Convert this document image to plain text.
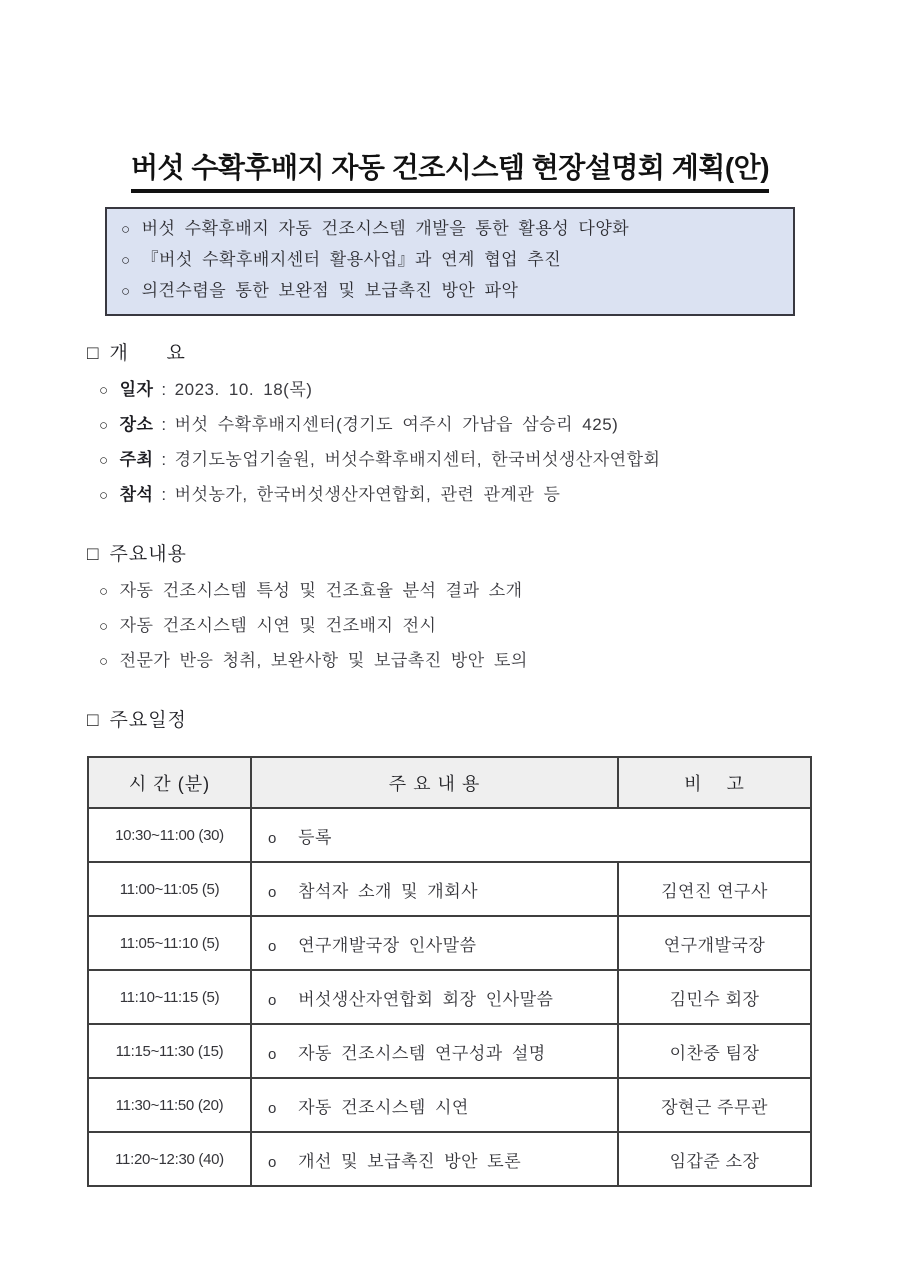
버섯 수확후배지 자동 건조시스템 현장설명회 계획(안)
○ 버섯 수확후배지 자동 건조시스템 개발을 통한 활용성 다양화
○ 『버섯 수확후배지센터 활용사업』과 연계 협업 추진
○ 의견수렴을 통한 보완점 및 보급촉진 방안 파악
□ 개      요
○ 일자 : 2023. 10. 18(목)
○ 장소 : 버섯 수확후배지센터(경기도 여주시 가남읍 삼승리 425)
○ 주최 : 경기도농업기술원, 버섯수확후배지센터, 한국버섯생산자연합회
○ 참석 : 버섯농가, 한국버섯생산자연합회, 관련 관계관 등
□ 주요내용
○ 자동 건조시스템 특성 및 건조효율 분석 결과 소개
○ 자동 건조시스템 시연 및 건조배지 전시
○ 전문가 반응 청취, 보완사항 및 보급촉진 방안 토의
□ 주요일정
시 간 (분)	주 요 내 용	비    고
10:30~11:00 (30)	o 등록	
11:00~11:05 (5)	o 참석자 소개 및 개회사	김연진 연구사
11:05~11:10 (5)	o 연구개발국장 인사말씀	연구개발국장
11:10~11:15 (5)	o 버섯생산자연합회 회장 인사말씀	김민수 회장
11:15~11:30 (15)	o 자동 건조시스템 연구성과 설명	이찬중 팀장
11:30~11:50 (20)	o 자동 건조시스템 시연	장현근 주무관
11:20~12:30 (40)	o 개선 및 보급촉진 방안 토론	임갑준 소장
